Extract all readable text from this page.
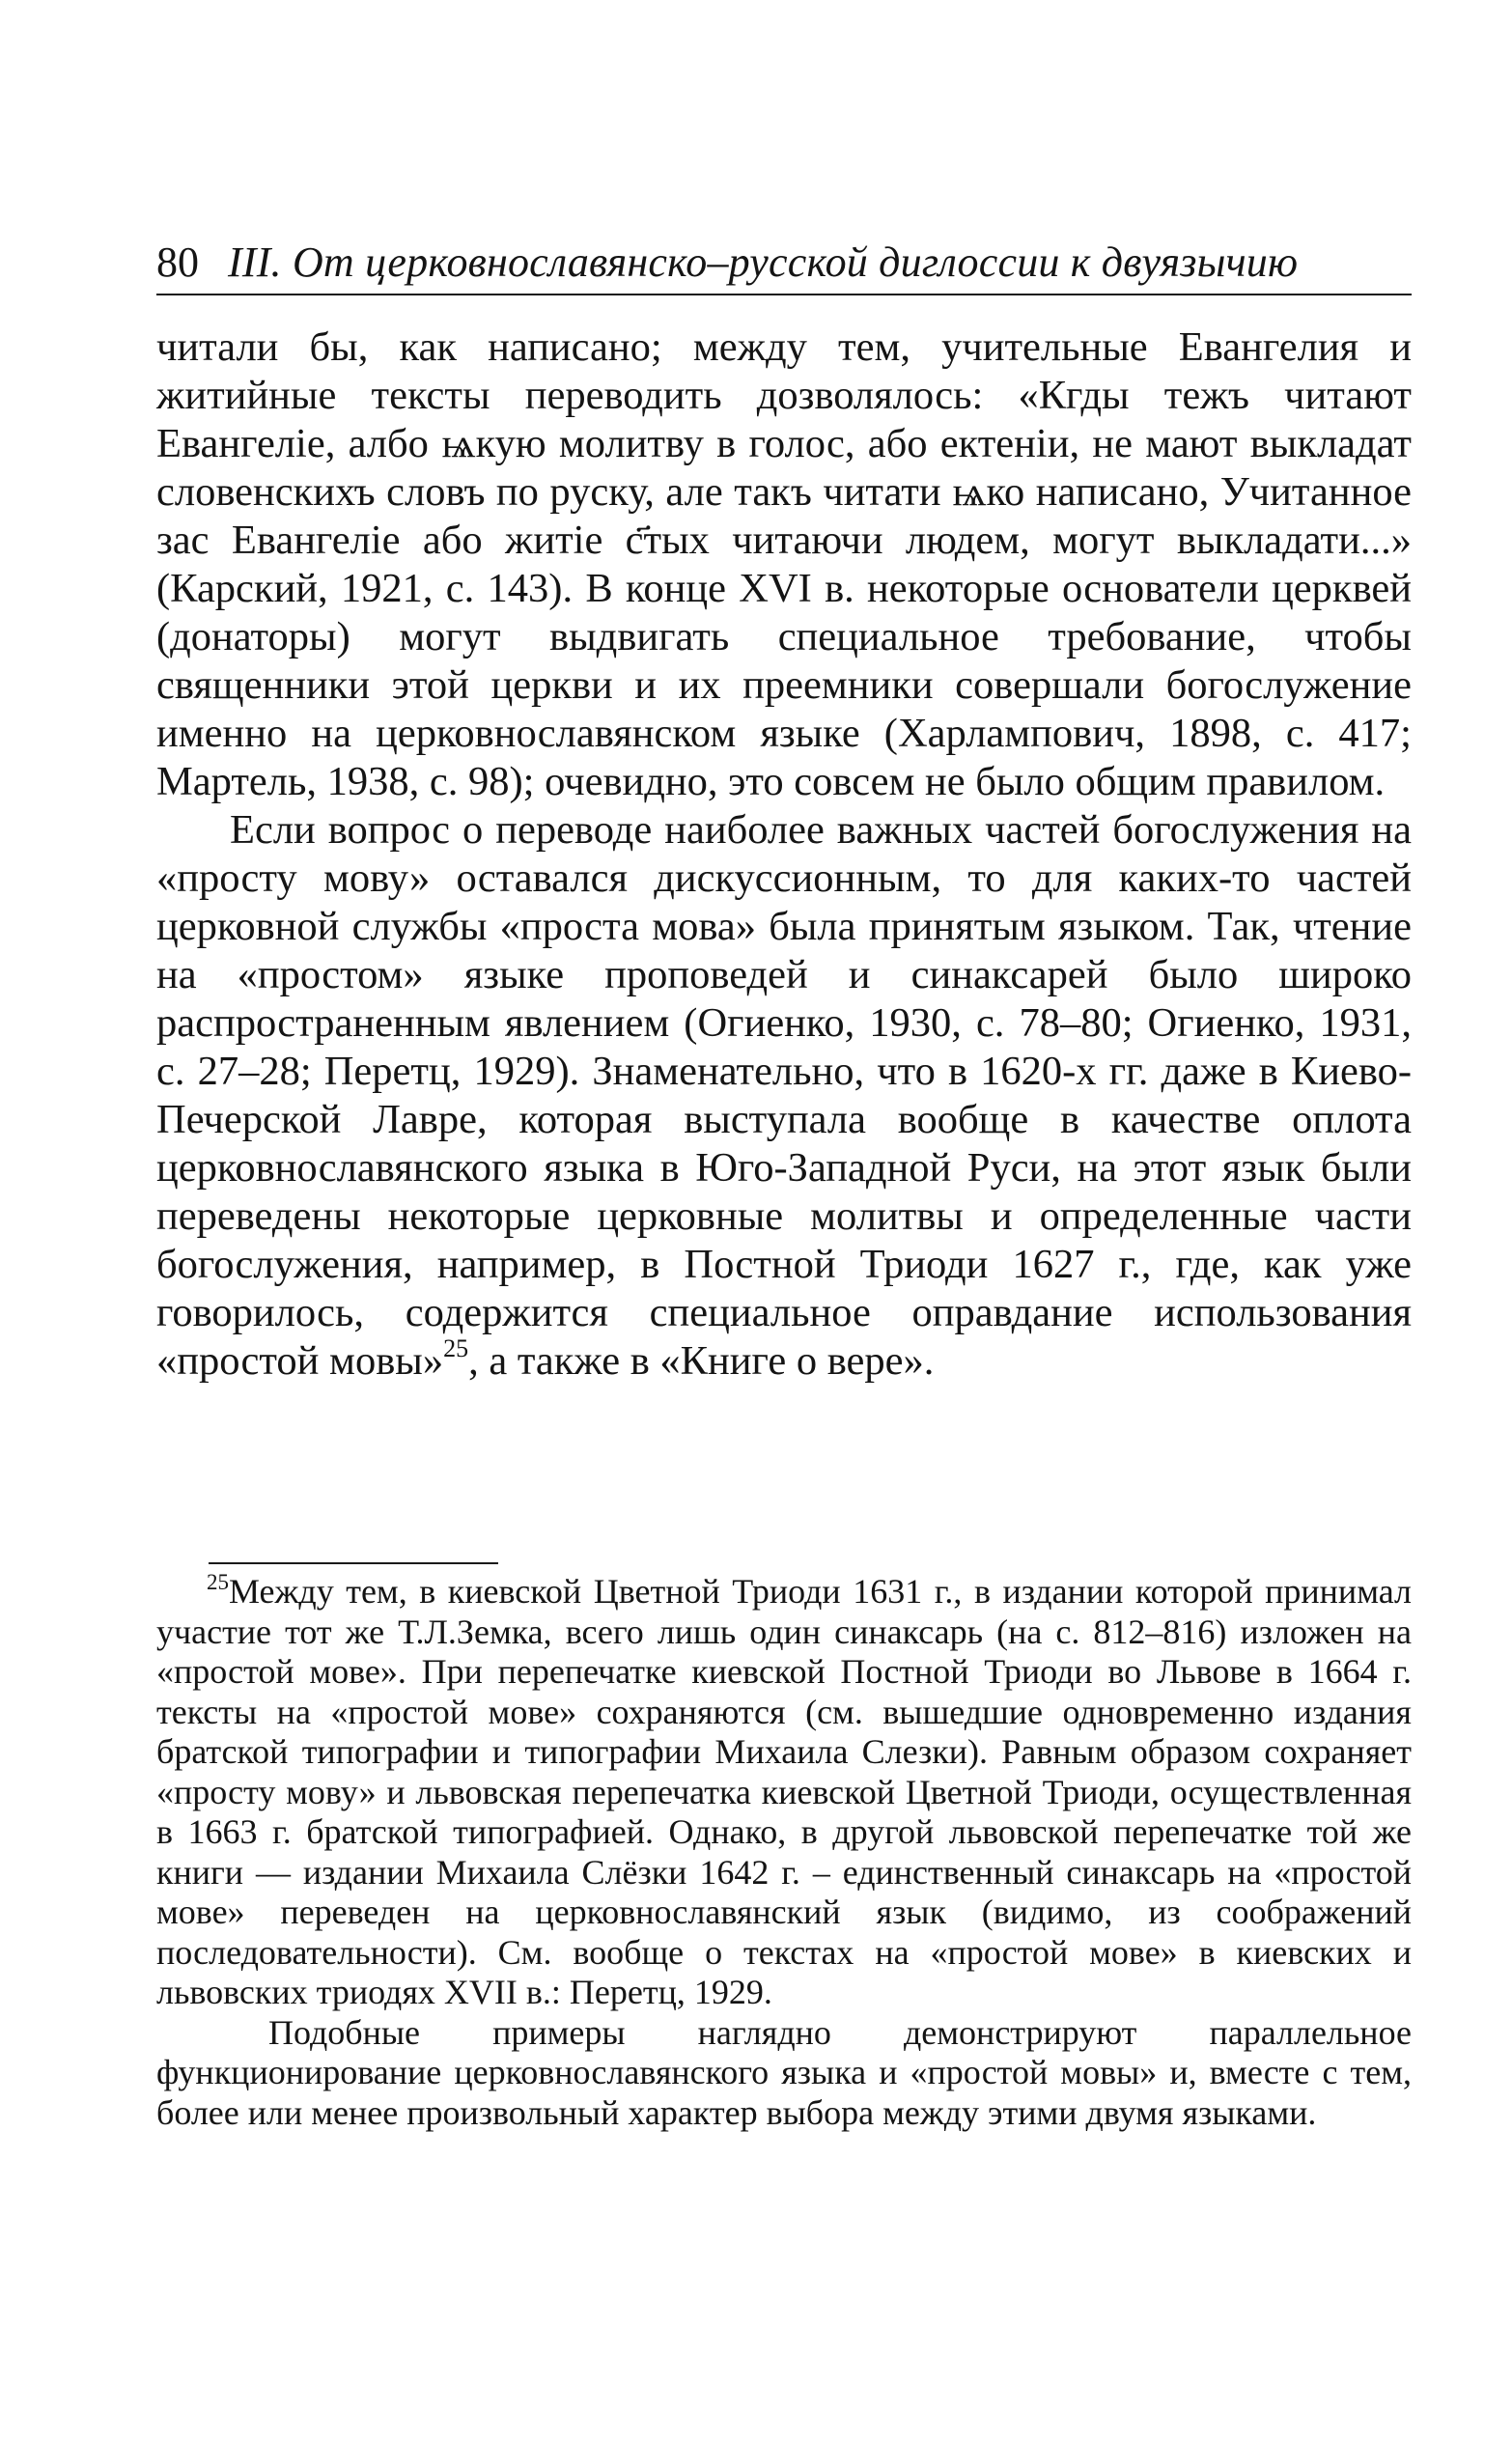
80 III. От церковнославянско–русской диглоссии к двуязычию

читали бы, как написано; между тем, учительные Евангелия и житийные тексты переводить дозволялось: «Кгды тежъ читают Евангеліе, албо ѩкую молитву в голос, або ектеніи, не мают выкладат словенскихъ словъ по руску, але такъ читати ѩко написано, Учитанное зас Евангеліе або житіе с҃тых читаючи людем, могут выкладати...» (Карский, 1921, с. 143). В конце XVI в. некоторые основатели церквей (донаторы) могут выдвигать специальное требование, чтобы священники этой церкви и их преемники совершали богослужение именно на церковнославянском языке (Харлампович, 1898, с. 417; Мартель, 1938, с. 98); очевидно, это совсем не было общим правилом.

Если вопрос о переводе наиболее важных частей богослужения на «просту мову» оставался дискуссионным, то для каких-то частей церковной службы «проста мова» была принятым языком. Так, чтение на «простом» языке проповедей и синаксарей было широко распространенным явлением (Огиенко, 1930, с. 78–80; Огиенко, 1931, с. 27–28; Перетц, 1929). Знаменательно, что в 1620-х гг. даже в Киево-Печерской Лавре, которая выступала вообще в качестве оплота церковнославянского языка в Юго-Западной Руси, на этот язык были переведены некоторые церковные молитвы и определенные части богослужения, например, в Постной Триоди 1627 г., где, как уже говорилось, содержится специальное оправдание использования «простой мовы»$^{25}$, а также в «Книге о вере».

$^{25}$Между тем, в киевской Цветной Триоди 1631 г., в издании которой принимал участие тот же Т.Л.Земка, всего лишь один синаксарь (на с. 812–816) изложен на «простой мове». При перепечатке киевской Постной Триоди во Львове в 1664 г. тексты на «простой мове» сохраняются (см. вышедшие одновременно издания братской типографии и типографии Михаила Слезки). Равным образом сохраняет «просту мову» и львовская перепечатка киевской Цветной Триоди, осуществленная в 1663 г. братской типографией. Однако, в другой львовской перепечатке той же книги — издании Михаила Слёзки 1642 г. – единственный синаксарь на «простой мове» переведен на церковнославянский язык (видимо, из соображений последовательности). См. вообще о текстах на «простой мове» в киевских и львовских триодях XVII в.: Перетц, 1929.

Подобные примеры наглядно демонстрируют параллельное функционирование церковнославянского языка и «простой мовы» и, вместе с тем, более или менее произвольный характер выбора между этими двумя языками.
